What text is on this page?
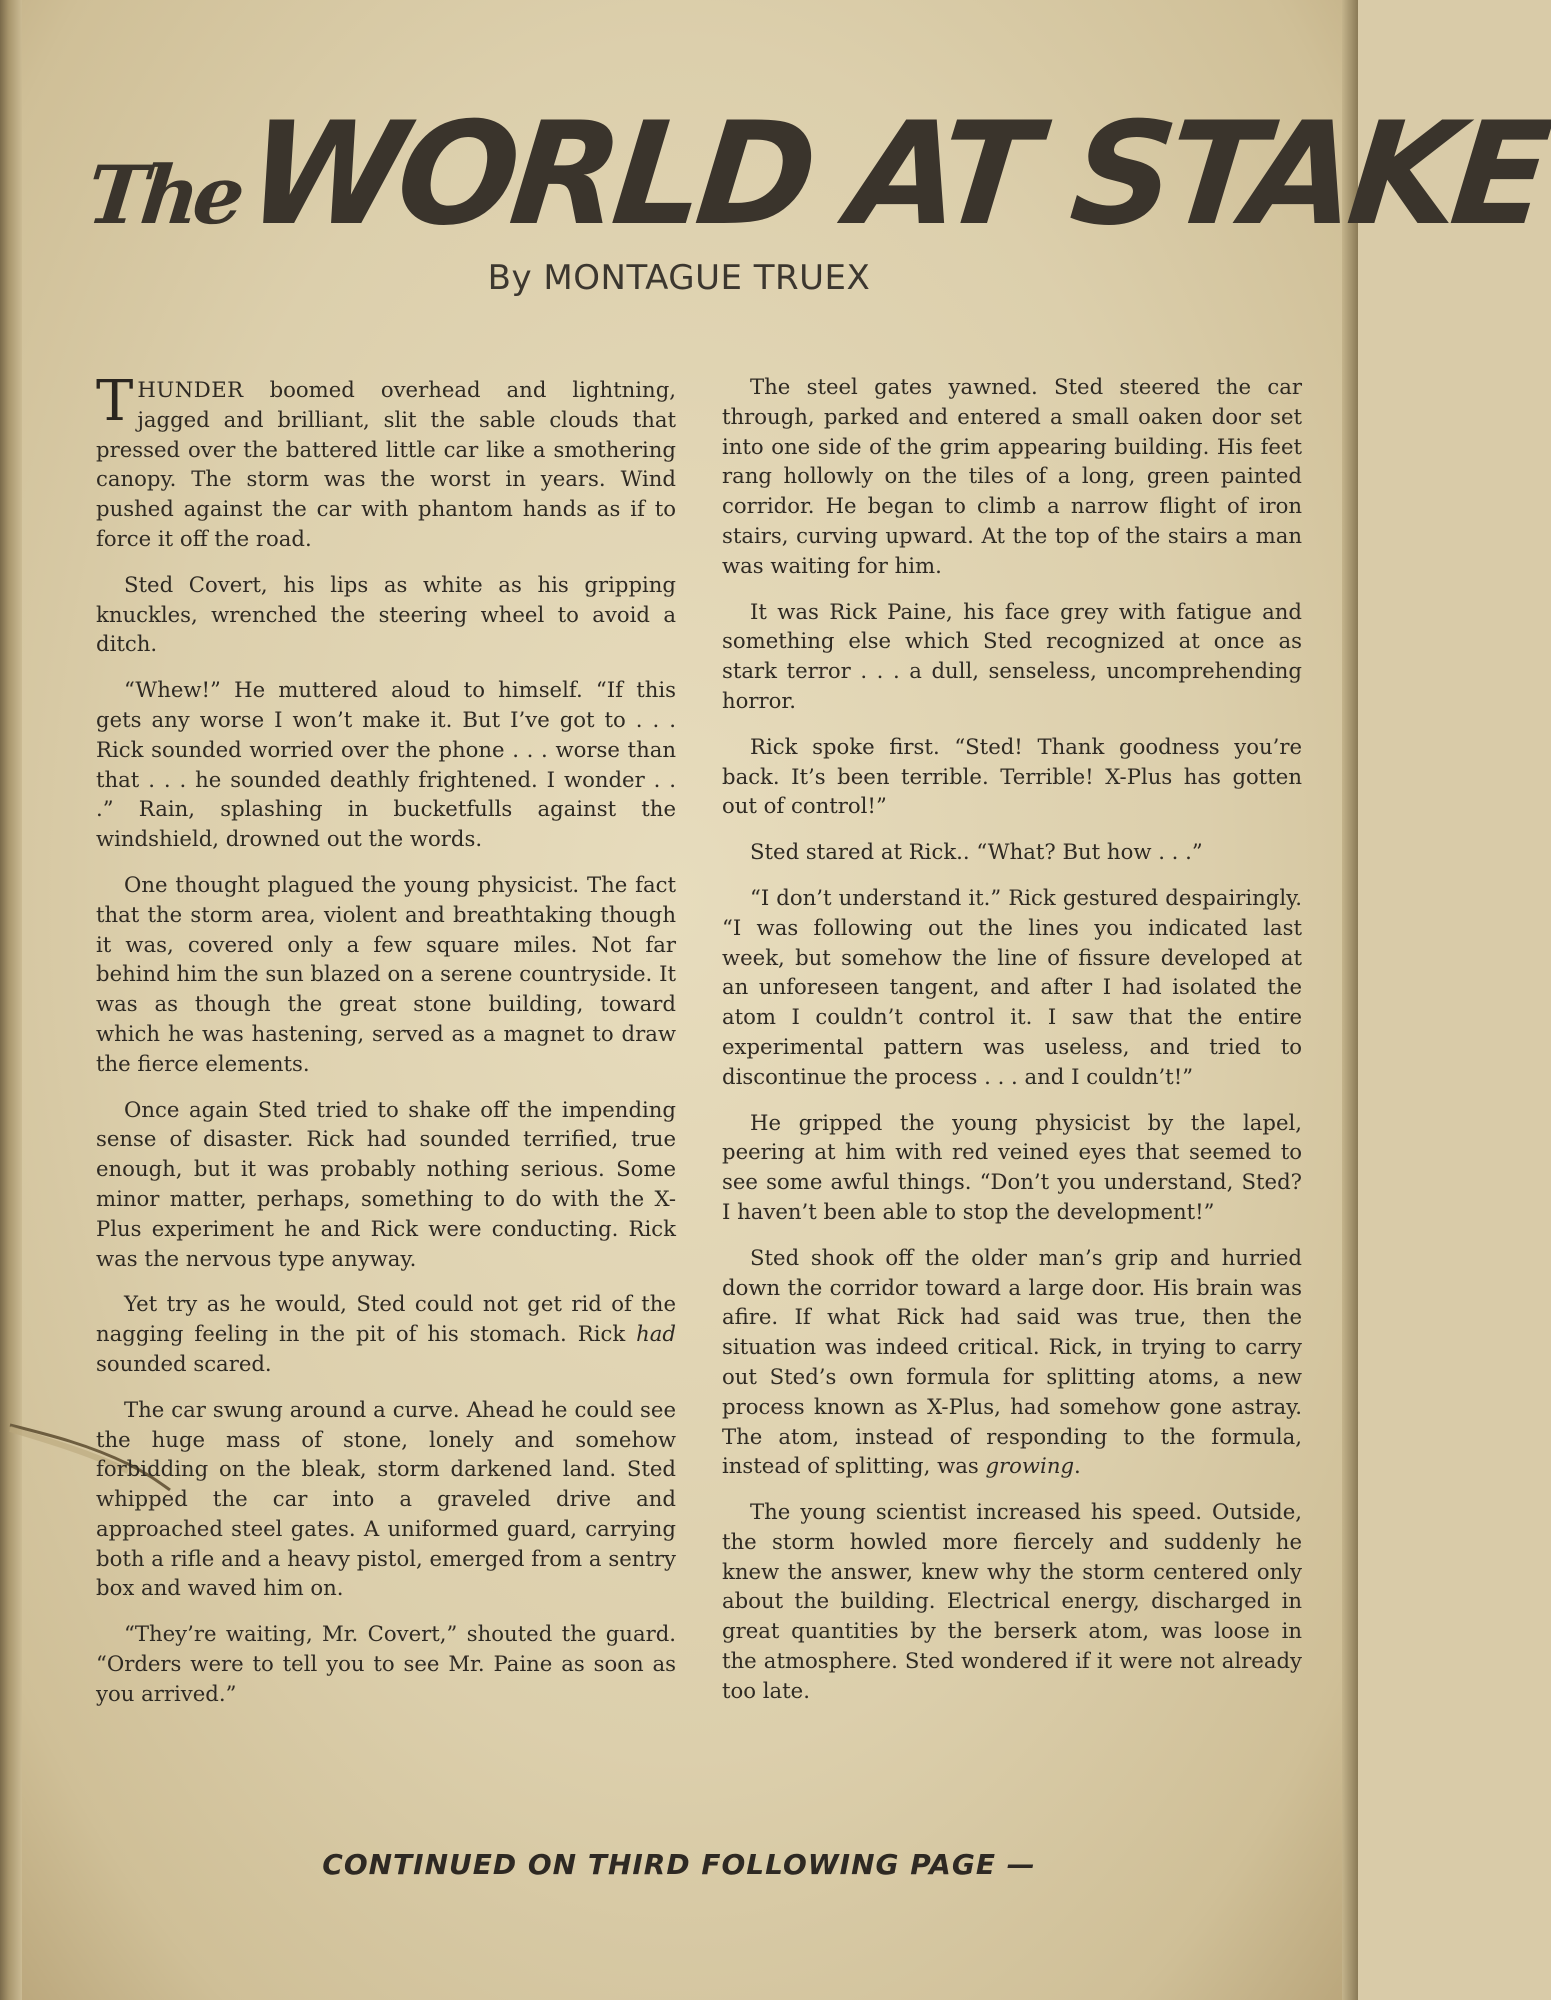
TheWORLD AT STAKE

By MONTAGUE TRUEX

THUNDER boomed overhead and lightning, jagged and brilliant, slit the sable clouds that pressed over the battered little car like a smothering canopy. The storm was the worst in years. Wind pushed against the car with phantom hands as if to force it off the road.

Sted Covert, his lips as white as his gripping knuckles, wrenched the steering wheel to avoid a ditch.

“Whew!” He muttered aloud to himself. “If this gets any worse I won’t make it. But I’ve got to . . . Rick sounded worried over the phone . . . worse than that . . . he sounded deathly frightened. I wonder . . .” Rain, splashing in bucketfulls against the windshield, drowned out the words.

One thought plagued the young physicist. The fact that the storm area, violent and breathtaking though it was, covered only a few square miles. Not far behind him the sun blazed on a serene countryside. It was as though the great stone building, toward which he was hastening, served as a magnet to draw the fierce elements.

Once again Sted tried to shake off the impending sense of disaster. Rick had sounded terrified, true enough, but it was probably nothing serious. Some minor matter, perhaps, something to do with the X-Plus experiment he and Rick were conducting. Rick was the nervous type anyway.

Yet try as he would, Sted could not get rid of the nagging feeling in the pit of his stomach. Rick had sounded scared.

The car swung around a curve. Ahead he could see the huge mass of stone, lonely and somehow forbidding on the bleak, storm darkened land. Sted whipped the car into a graveled drive and approached steel gates. A uniformed guard, carrying both a rifle and a heavy pistol, emerged from a sentry box and waved him on.

“They’re waiting, Mr. Covert,” shouted the guard. “Orders were to tell you to see Mr. Paine as soon as you arrived.”

The steel gates yawned. Sted steered the car through, parked and entered a small oaken door set into one side of the grim appearing building. His feet rang hollowly on the tiles of a long, green painted corridor. He began to climb a narrow flight of iron stairs, curving upward. At the top of the stairs a man was waiting for him.

It was Rick Paine, his face grey with fatigue and something else which Sted recognized at once as stark terror . . . a dull, senseless, uncomprehending horror.

Rick spoke first. “Sted! Thank goodness you’re back. It’s been terrible. Terrible! X-Plus has gotten out of control!”

Sted stared at Rick.. “What? But how . . .”

“I don’t understand it.” Rick gestured despairingly. “I was following out the lines you indicated last week, but somehow the line of fissure developed at an unforeseen tangent, and after I had isolated the atom I couldn’t control it. I saw that the entire experimental pattern was useless, and tried to discontinue the process . . . and I couldn’t!”

He gripped the young physicist by the lapel, peering at him with red veined eyes that seemed to see some awful things. “Don’t you understand, Sted? I haven’t been able to stop the development!”

Sted shook off the older man’s grip and hurried down the corridor toward a large door. His brain was afire. If what Rick had said was true, then the situation was indeed critical. Rick, in trying to carry out Sted’s own formula for splitting atoms, a new process known as X-Plus, had somehow gone astray. The atom, instead of responding to the formula, instead of splitting, was growing.

The young scientist increased his speed. Outside, the storm howled more fiercely and suddenly he knew the answer, knew why the storm centered only about the building. Electrical energy, discharged in great quantities by the berserk atom, was loose in the atmosphere. Sted wondered if it were not already too late.

CONTINUED ON THIRD FOLLOWING PAGE —
